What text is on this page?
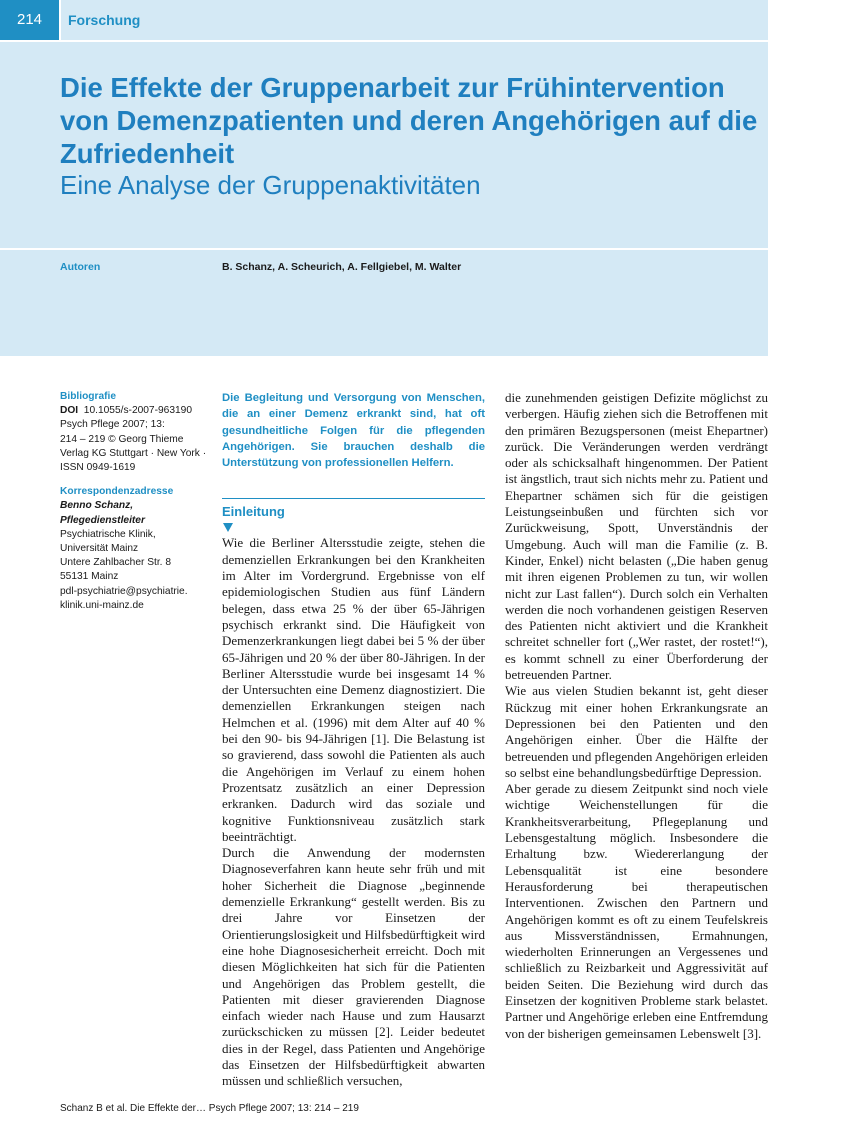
214	Forschung
Die Effekte der Gruppenarbeit zur Frühintervention von Demenzpatienten und deren Angehörigen auf die Zufriedenheit
Eine Analyse der Gruppenaktivitäten
Autoren	B. Schanz, A. Scheurich, A. Fellgiebel, M. Walter
Bibliografie
DOI 10.1055/s-2007-963190
Psych Pflege 2007; 13:
214 – 219 © Georg Thieme
Verlag KG Stuttgart · New York ·
ISSN 0949-1619
Korrespondenzadresse
Benno Schanz,
Pflegedienstleiter
Psychiatrische Klinik,
Universität Mainz
Untere Zahlbacher Str. 8
55131 Mainz
pdl-psychiatrie@psychiatrie.
klinik.uni-mainz.de

Die Begleitung und Versorgung von Menschen, die an einer Demenz erkrankt sind, hat oft gesundheitliche Folgen für die pflegenden Angehörigen. Sie brauchen deshalb die Unterstützung von professionellen Helfern.

Einleitung

Wie die Berliner Altersstudie zeigte, stehen die demenziellen Erkrankungen bei den Krankheiten im Alter im Vordergrund. Ergebnisse von elf epidemiologischen Studien aus fünf Ländern belegen, dass etwa 25 % der über 65-Jährigen psychisch erkrankt sind. Die Häufigkeit von Demenzerkrankungen liegt dabei bei 5 % der über 65-Jährigen und 20 % der über 80-Jährigen. In der Berliner Altersstudie wurde bei insgesamt 14 % der Untersuchten eine Demenz diagnostiziert. Die demenziellen Erkrankungen steigen nach Helmchen et al. (1996) mit dem Alter auf 40 % bei den 90- bis 94-Jährigen [1]. Die Belastung ist so gravierend, dass sowohl die Patienten als auch die Angehörigen im Verlauf zu einem hohen Prozentsatz zusätzlich an einer Depression erkranken. Dadurch wird das soziale und kognitive Funktionsniveau zusätzlich stark beeinträchtigt.

Durch die Anwendung der modernsten Diagnoseverfahren kann heute sehr früh und mit hoher Sicherheit die Diagnose „beginnende demenzielle Erkrankung“ gestellt werden. Bis zu drei Jahre vor Einsetzen der Orientierungslosigkeit und Hilfsbedürftigkeit wird eine hohe Diagnosesicherheit erreicht. Doch mit diesen Möglichkeiten hat sich für die Patienten und Angehörigen das Problem gestellt, die Patienten mit dieser gravierenden Diagnose einfach wieder nach Hause und zum Hausarzt zurückschicken zu müssen [2]. Leider bedeutet dies in der Regel, dass Patienten und Angehörige das Einsetzen der Hilfsbedürftigkeit abwarten müssen und schließlich versuchen,

die zunehmenden geistigen Defizite möglichst zu verbergen. Häufig ziehen sich die Betroffenen mit den primären Bezugspersonen (meist Ehepartner) zurück. Die Veränderungen werden verdrängt oder als schicksalhaft hingenommen. Der Patient ist ängstlich, traut sich nichts mehr zu. Patient und Ehepartner schämen sich für die geistigen Leistungseinbußen und fürchten sich vor Zurückweisung, Spott, Unverständnis der Umgebung. Auch will man die Familie (z. B. Kinder, Enkel) nicht belasten („Die haben genug mit ihren eigenen Problemen zu tun, wir wollen nicht zur Last fallen“). Durch solch ein Verhalten werden die noch vorhandenen geistigen Reserven des Patienten nicht aktiviert und die Krankheit schreitet schneller fort („Wer rastet, der rostet!“), es kommt schnell zu einer Überforderung der betreuenden Partner.

Wie aus vielen Studien bekannt ist, geht dieser Rückzug mit einer hohen Erkrankungsrate an Depressionen bei den Patienten und den Angehörigen einher. Über die Hälfte der betreuenden und pflegenden Angehörigen erleiden so selbst eine behandlungsbedürftige Depression.

Aber gerade zu diesem Zeitpunkt sind noch viele wichtige Weichenstellungen für die Krankheitsverarbeitung, Pflegeplanung und Lebensgestaltung möglich. Insbesondere die Erhaltung bzw. Wiedererlangung der Lebensqualität ist eine besondere Herausforderung bei therapeutischen Interventionen. Zwischen den Partnern und Angehörigen kommt es oft zu einem Teufelskreis aus Missverständnissen, Ermahnungen, wiederholten Erinnerungen an Vergessenes und schließlich zu Reizbarkeit und Aggressivität auf beiden Seiten. Die Beziehung wird durch das Einsetzen der kognitiven Probleme stark belastet. Partner und Angehörige erleben eine Entfremdung von der bisherigen gemeinsamen Lebenswelt [3].

Schanz B et al. Die Effekte der… Psych Pflege 2007; 13: 214 – 219
